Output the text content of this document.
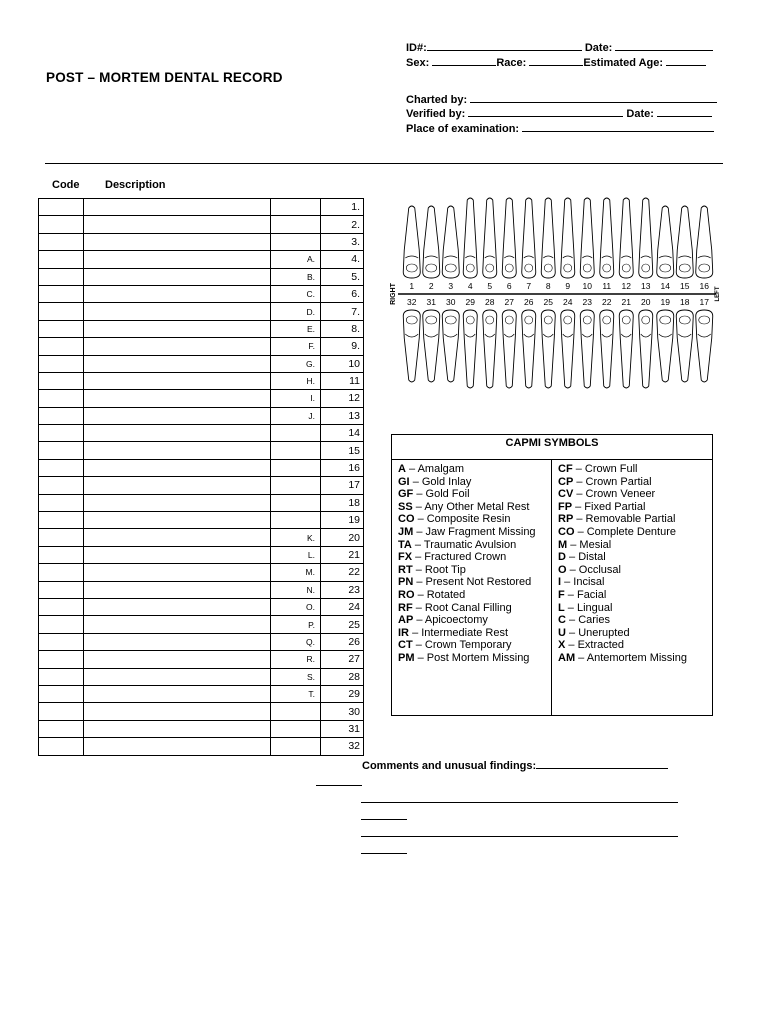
POST – MORTEM DENTAL RECORD
ID#:	Date:
Sex:	Race:	Estimated Age:
Charted by:
Verified by:	Date:
Place of examination:
Code Description
			1.
			2.
			3.
		A.	4.
		B.	5.
		C.	6.
		D.	7.
		E.	8.
		F.	9.
		G.	10
		H.	11
		I.	12
		J.	13
			14
			15
			16
			17
			18
			19
		K.	20
		L.	21
		M.	22
		N.	23
		O.	24
		P.	25
		Q.	26
		R.	27
		S.	28
		T.	29
			30
			31
			32
1 2 3 4 5 6 7 8 9 10 11 12 13 14 15 16
32 31 30 29 28 27 26 25 24 23 22 21 20 19 18 17
RIGHT	LEFT
CAPMI SYMBOLS
A – Amalgam
GI – Gold Inlay
GF – Gold Foil
SS – Any Other Metal Rest
CO – Composite Resin
JM – Jaw Fragment Missing
TA – Traumatic Avulsion
FX – Fractured Crown
RT – Root Tip
PN – Present Not Restored
RO – Rotated
RF – Root Canal Filling
AP – Apicoectomy
IR – Intermediate Rest
CT – Crown Temporary
PM – Post Mortem Missing
CF – Crown Full
CP – Crown Partial
CV – Crown Veneer
FP – Fixed Partial
RP – Removable Partial
CO – Complete Denture
M – Mesial
D – Distal
O – Occlusal
I – Incisal
F – Facial
L – Lingual
C – Caries
U – Unerupted
X – Extracted
AM – Antemortem Missing
Comments and unusual findings:
